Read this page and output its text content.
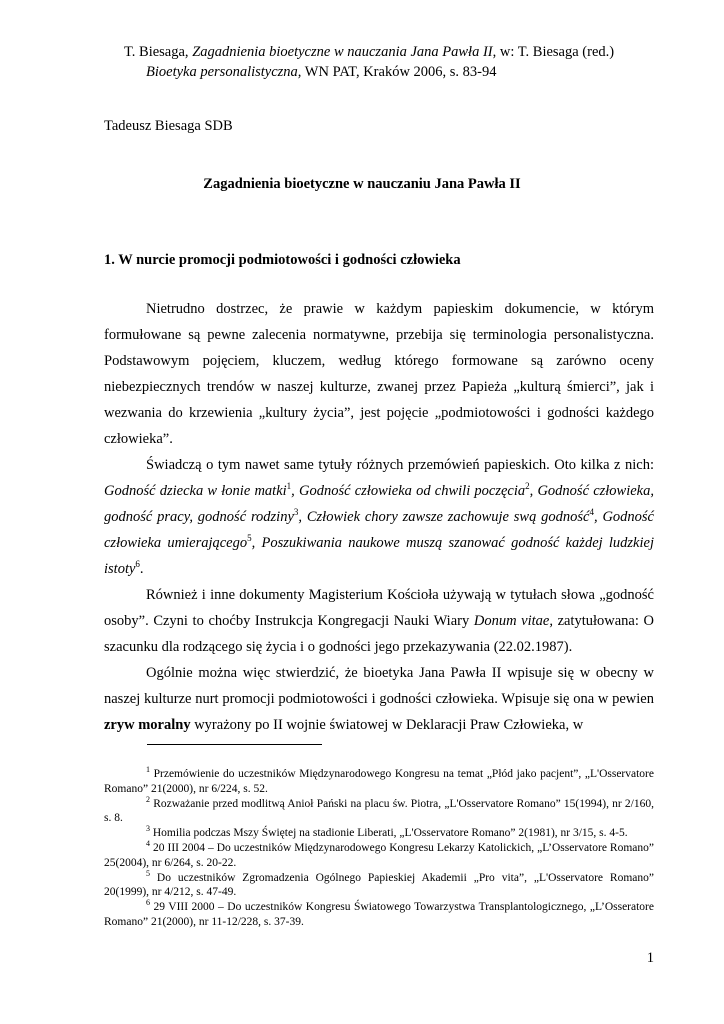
T. Biesaga, Zagadnienia bioetyczne w nauczania Jana Pawła II, w: T. Biesaga (red.)
Bioetyka personalistyczna, WN PAT, Kraków 2006, s. 83-94
Tadeusz Biesaga SDB
Zagadnienia bioetyczne w nauczaniu Jana Pawła II
1. W nurcie promocji podmiotowości i godności człowieka

Nietrudno dostrzec, że prawie w każdym papieskim dokumencie, w którym formułowane są pewne zalecenia normatywne, przebija się terminologia personalistyczna. Podstawowym pojęciem, kluczem, według którego formowane są zarówno oceny niebezpiecznych trendów w naszej kulturze, zwanej przez Papieża „kulturą śmierci”, jak i wezwania do krzewienia „kultury życia”, jest pojęcie „podmiotowości i godności każdego człowieka”.

Świadczą o tym nawet same tytuły różnych przemówień papieskich. Oto kilka z nich: Godność dziecka w łonie matki$^1$, Godność człowieka od chwili poczęcia$^2$, Godność człowieka, godność pracy, godność rodziny$^3$, Człowiek chory zawsze zachowuje swą godność$^4$, Godność człowieka umierającego$^5$, Poszukiwania naukowe muszą szanować godność każdej ludzkiej istoty$^6$.

Również i inne dokumenty Magisterium Kościoła używają w tytułach słowa „godność osoby”. Czyni to choćby Instrukcja Kongregacji Nauki Wiary Donum vitae, zatytułowana: O szacunku dla rodzącego się życia i o godności jego przekazywania (22.02.1987).

Ogólnie można więc stwierdzić, że bioetyka Jana Pawła II wpisuje się w obecny w naszej kulturze nurt promocji podmiotowości i godności człowieka. Wpisuje się ona w pewien zryw moralny wyrażony po II wojnie światowej w Deklaracji Praw Człowieka, w

$^1$ Przemówienie do uczestników Międzynarodowego Kongresu na temat „Płód jako pacjent”, „L'Osservatore Romano” 21(2000), nr 6/224, s. 52.

$^2$ Rozważanie przed modlitwą Anioł Pański na placu św. Piotra, „L'Osservatore Romano” 15(1994), nr 2/160, s. 8.

$^3$ Homilia podczas Mszy Świętej na stadionie Liberati, „L'Osservatore Romano” 2(1981), nr 3/15, s. 4-5.

$^4$ 20 III 2004 – Do uczestników Międzynarodowego Kongresu Lekarzy Katolickich, „L’Osservatore Romano” 25(2004), nr 6/264, s. 20-22.

$^5$ Do uczestników Zgromadzenia Ogólnego Papieskiej Akademii „Pro vita”, „L'Osservatore Romano” 20(1999), nr 4/212, s. 47-49.

$^6$ 29 VIII 2000 – Do uczestników Kongresu Światowego Towarzystwa Transplantologicznego, „L’Osseratore Romano” 21(2000), nr 11-12/228, s. 37-39.

1
